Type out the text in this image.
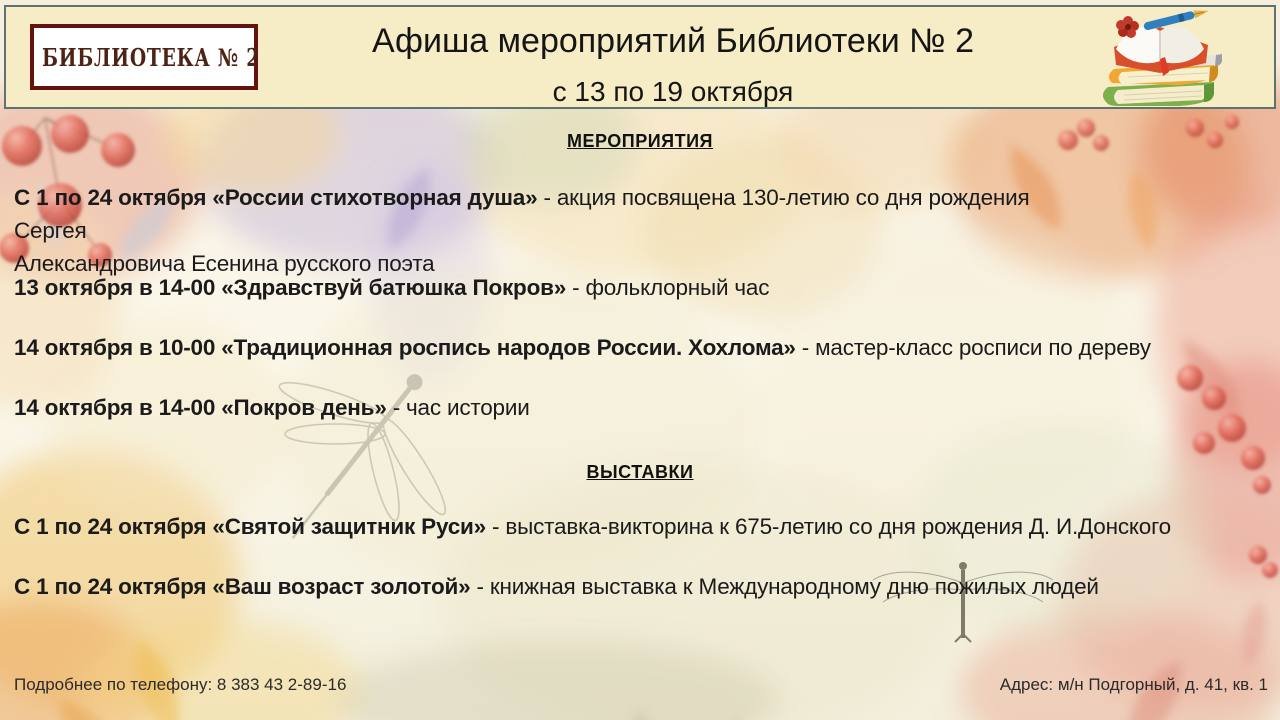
БИБЛИОТЕКА № 2	Афиша мероприятий Библиотеки № 2
с 13 по 19 октября
МЕРОПРИЯТИЯ

С 1 по 24 октября «России стихотворная душа» - акция посвящена 130-летию со дня рождения Сергея
Александровича Есенина русского поэта

13 октября в 14-00 «Здравствуй батюшка Покров» - фольклорный час

14 октября в 10-00 «Традиционная роспись народов России. Хохлома» - мастер-класс росписи по дереву

14 октября в 14-00 «Покров день» - час истории

ВЫСТАВКИ

С 1 по 24 октября «Святой защитник Руси» - выставка-викторина к 675-летию со дня рождения Д. И.Донского

С 1 по 24 октября «Ваш возраст золотой» - книжная выставка к Международному дню пожилых людей

Подробнее по телефону: 8 383 43 2-89-16	Адрес: м/н Подгорный, д. 41, кв. 1
